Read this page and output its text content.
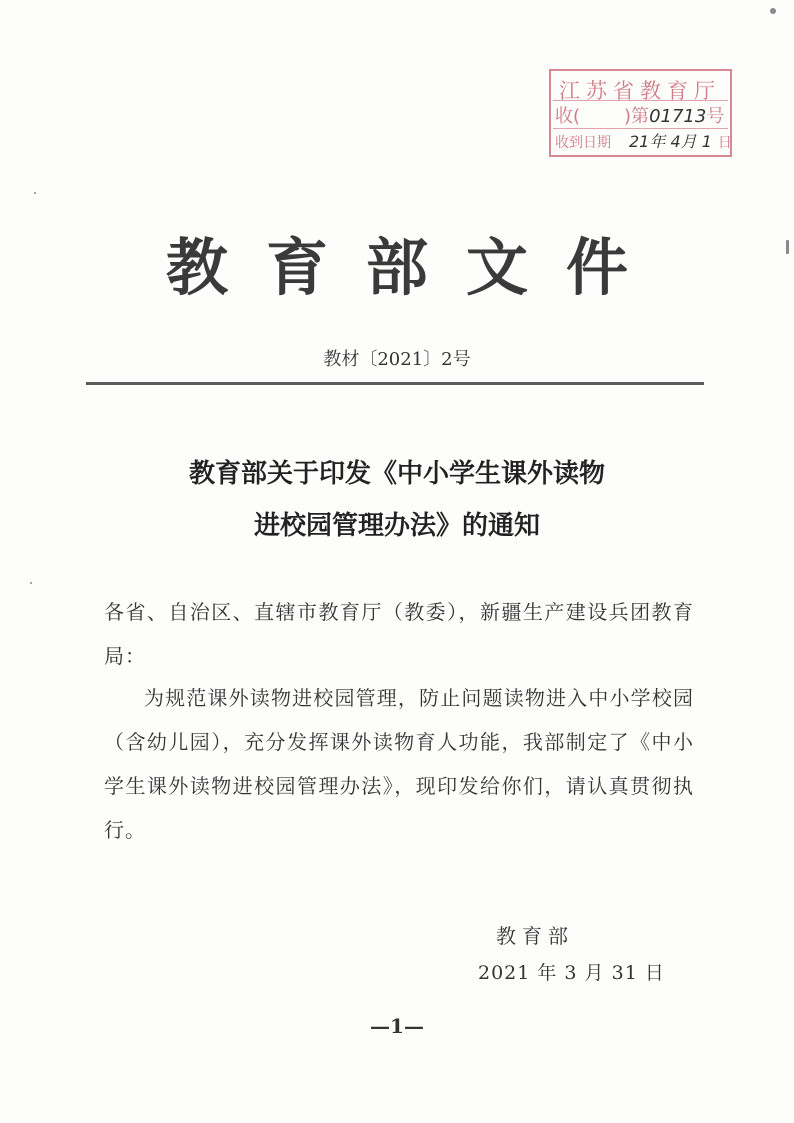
江苏省教育厅
收( )第01713号
收到日期 21年 4月 1 日
教育部文件
教材〔2021〕2号
教育部关于印发《中小学生课外读物
进校园管理办法》的通知
各省、自治区、直辖市教育厅（教委），新疆生产建设兵团教育局：
为规范课外读物进校园管理，防止问题读物进入中小学校园（含幼儿园），充分发挥课外读物育人功能，我部制定了《中小学生课外读物进校园管理办法》，现印发给你们，请认真贯彻执行。
教育部
2021 年 3 月 31 日
—1—
